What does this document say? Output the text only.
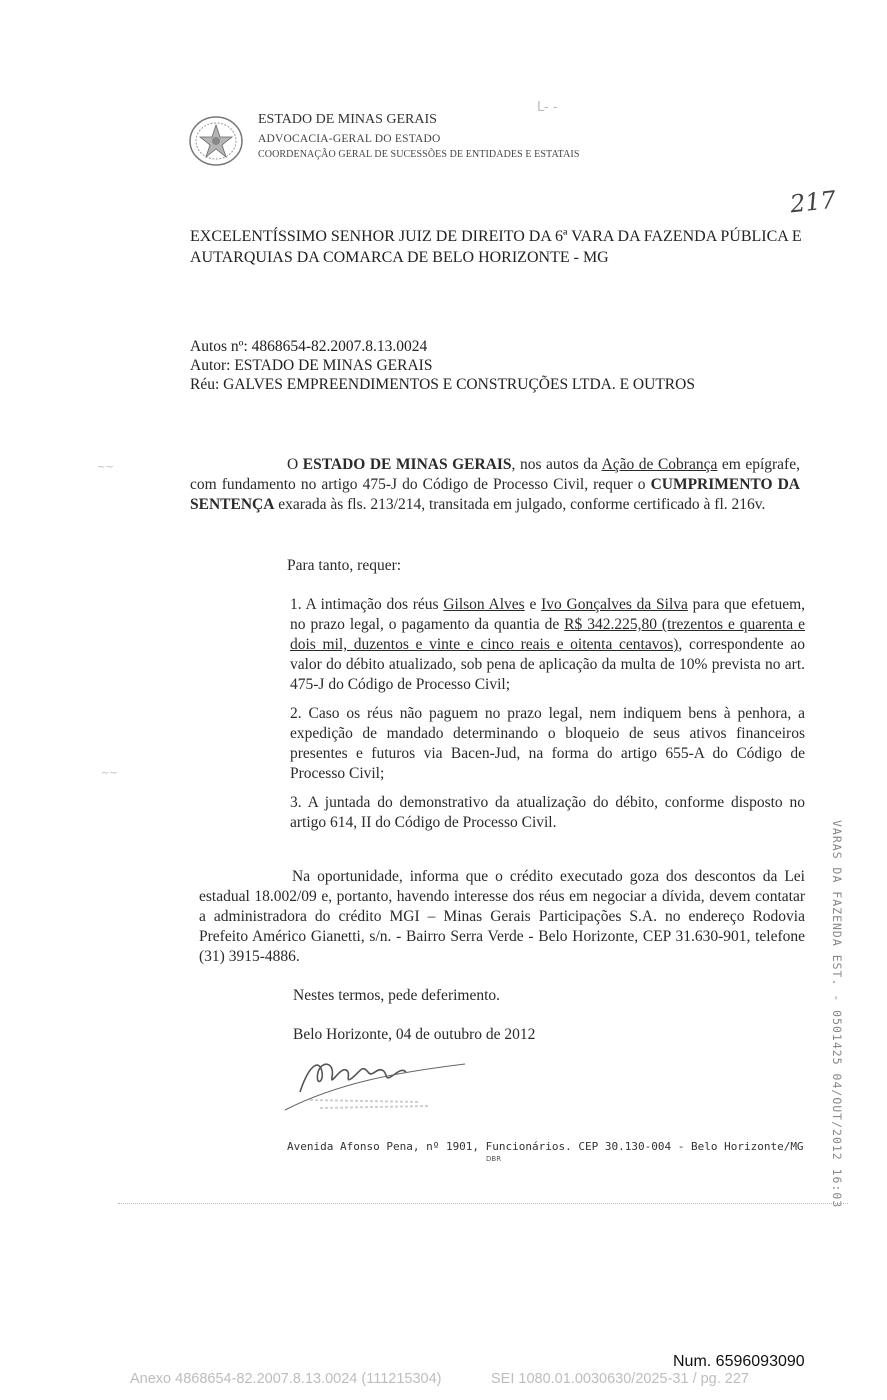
ESTADO DE MINAS GERAIS
ADVOCACIA-GERAL DO ESTADO
COORDENAÇÃO GERAL DE SUCESSÕES DE ENTIDADES E ESTATAIS
L- -
217
EXCELENTÍSSIMO SENHOR JUIZ DE DIREITO DA 6ª VARA DA FAZENDA PÚBLICA E AUTARQUIAS DA COMARCA DE BELO HORIZONTE - MG
Autos nº: 4868654-82.2007.8.13.0024
Autor: ESTADO DE MINAS GERAIS
Réu: GALVES EMPREENDIMENTOS E CONSTRUÇÕES LTDA. E OUTROS
~~
~~
O ESTADO DE MINAS GERAIS, nos autos da Ação de Cobrança em epígrafe, com fundamento no artigo 475-J do Código de Processo Civil, requer o CUMPRIMENTO DA SENTENÇA exarada às fls. 213/214, transitada em julgado, conforme certificado à fl. 216v.
Para tanto, requer:
1. A intimação dos réus Gilson Alves e Ivo Gonçalves da Silva para que efetuem, no prazo legal, o pagamento da quantia de R$ 342.225,80 (trezentos e quarenta e dois mil, duzentos e vinte e cinco reais e oitenta centavos), correspondente ao valor do débito atualizado, sob pena de aplicação da multa de 10% prevista no art. 475-J do Código de Processo Civil;
2. Caso os réus não paguem no prazo legal, nem indiquem bens à penhora, a expedição de mandado determinando o bloqueio de seus ativos financeiros presentes e futuros via Bacen-Jud, na forma do artigo 655-A do Código de Processo Civil;
3. A juntada do demonstrativo da atualização do débito, conforme disposto no artigo 614, II do Código de Processo Civil.
Na oportunidade, informa que o crédito executado goza dos descontos da Lei estadual 18.002/09 e, portanto, havendo interesse dos réus em negociar a dívida, devem contatar a administradora do crédito MGI – Minas Gerais Participações S.A. no endereço Rodovia Prefeito Américo Gianetti, s/n. - Bairro Serra Verde - Belo Horizonte, CEP 31.630-901, telefone (31) 3915-4886.
Nestes termos, pede deferimento.
Belo Horizonte, 04 de outubro de 2012
Avenida Afonso Pena, nº 1901, Funcionários. CEP 30.130-004 - Belo Horizonte/MG
DBR	VARAS DA FAZENDA EST. - 0501425 04/OUT/2012 16:03
Num. 6596093090
Anexo 4868654-82.2007.8.13.0024 (111215304)	SEI 1080.01.0030630/2025-31 / pg. 227
